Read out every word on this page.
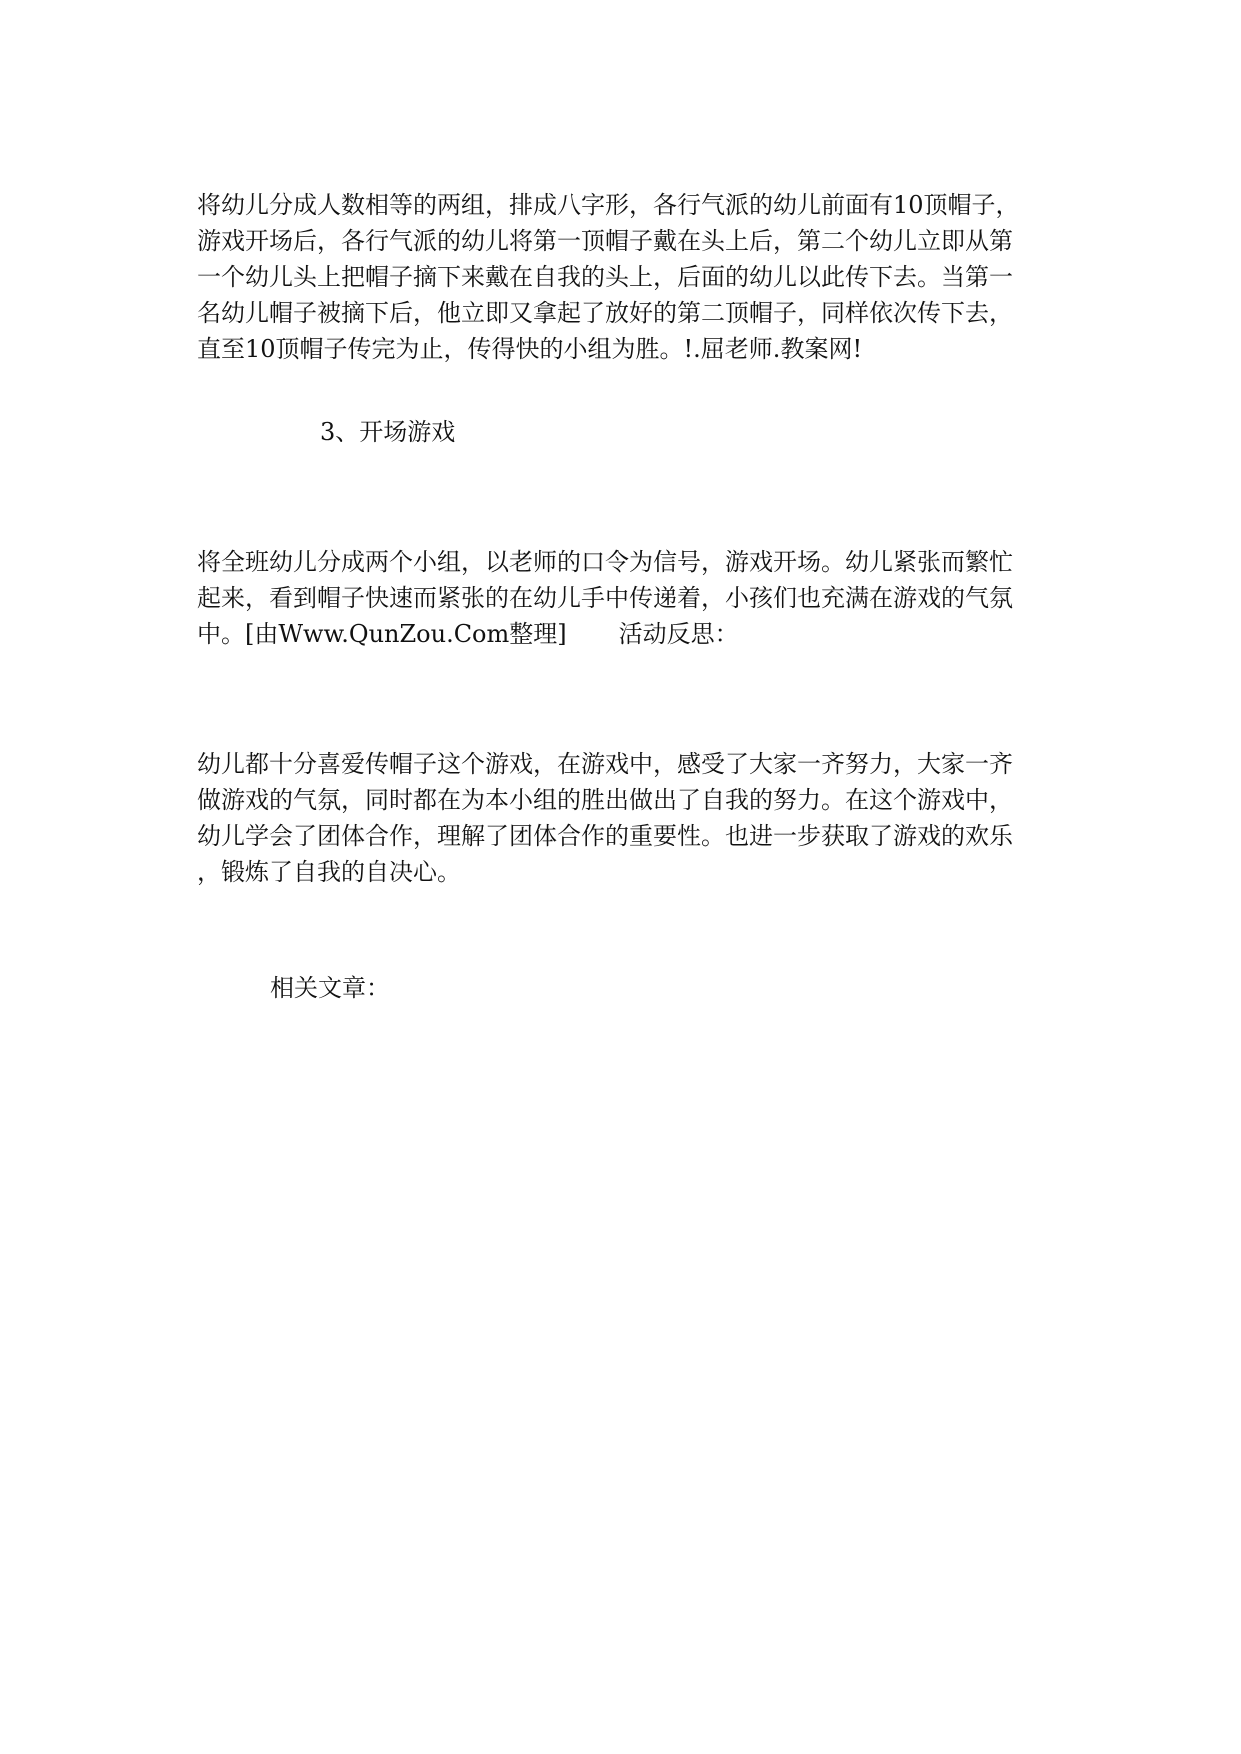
将幼儿分成人数相等的两组，排成八字形，各行气派的幼儿前面有10顶帽子，
游戏开场后，各行气派的幼儿将第一顶帽子戴在头上后，第二个幼儿立即从第
一个幼儿头上把帽子摘下来戴在自我的头上，后面的幼儿以此传下去。当第一
名幼儿帽子被摘下后，他立即又拿起了放好的第二顶帽子，同样依次传下去，
直至10顶帽子传完为止，传得快的小组为胜。!.屈老师.教案网!
3、开场游戏
将全班幼儿分成两个小组，以老师的口令为信号，游戏开场。幼儿紧张而繁忙
起来，看到帽子快速而紧张的在幼儿手中传递着，小孩们也充满在游戏的气氛
中。[由Www.QunZou.Com整理] 活动反思：
幼儿都十分喜爱传帽子这个游戏，在游戏中，感受了大家一齐努力，大家一齐
做游戏的气氛，同时都在为本小组的胜出做出了自我的努力。在这个游戏中，
幼儿学会了团体合作，理解了团体合作的重要性。也进一步获取了游戏的欢乐
，锻炼了自我的自决心。
相关文章：
